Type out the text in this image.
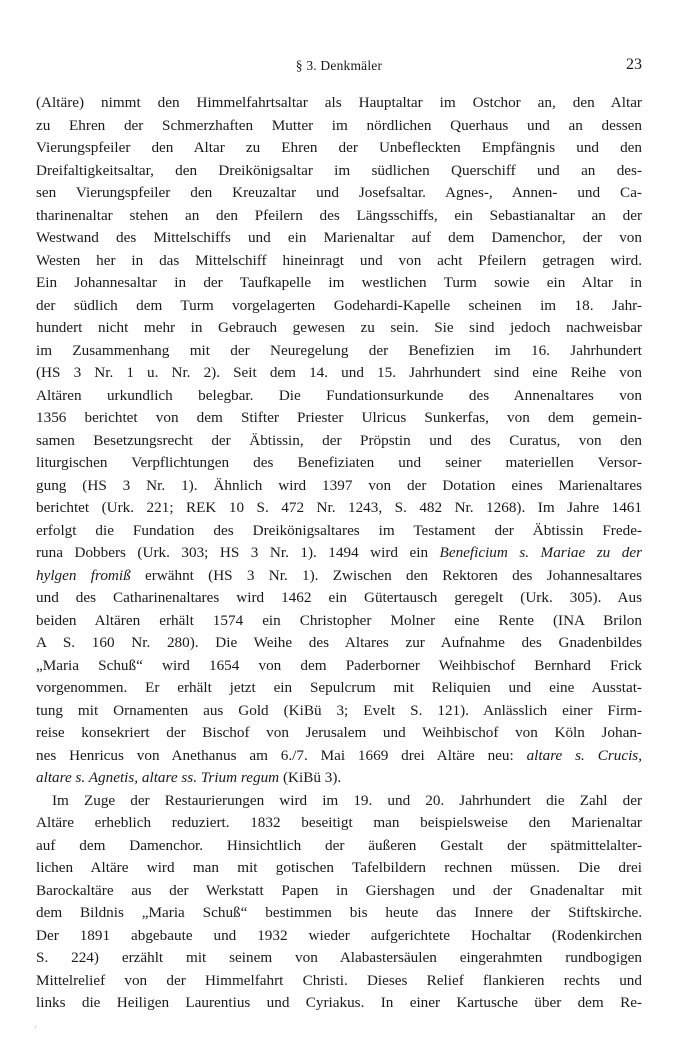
§ 3. Denkmäler	23
(Altäre) nimmt den Himmelfahrtsaltar als Hauptaltar im Ostchor an, den Altar
zu Ehren der Schmerzhaften Mutter im nördlichen Querhaus und an dessen
Vierungspfeiler den Altar zu Ehren der Unbefleckten Empfängnis und den
Dreifaltigkeitsaltar, den Dreikönigsaltar im südlichen Querschiff und an des-
sen Vierungspfeiler den Kreuzaltar und Josefsaltar. Agnes-, Annen- und Ca-
tharinenaltar stehen an den Pfeilern des Längsschiffs, ein Sebastianaltar an der
Westwand des Mittelschiffs und ein Marienaltar auf dem Damenchor, der von
Westen her in das Mittelschiff hineinragt und von acht Pfeilern getragen wird.
Ein Johannesaltar in der Taufkapelle im westlichen Turm sowie ein Altar in
der südlich dem Turm vorgelagerten Godehardi-Kapelle scheinen im 18. Jahr-
hundert nicht mehr in Gebrauch gewesen zu sein. Sie sind jedoch nachweisbar
im Zusammenhang mit der Neuregelung der Benefizien im 16. Jahrhundert
(HS 3 Nr. 1 u. Nr. 2). Seit dem 14. und 15. Jahrhundert sind eine Reihe von
Altären urkundlich belegbar. Die Fundationsurkunde des Annenaltares von
1356 berichtet von dem Stifter Priester Ulricus Sunkerfas, von dem gemein-
samen Besetzungsrecht der Äbtissin, der Pröpstin und des Curatus, von den
liturgischen Verpflichtungen des Benefiziaten und seiner materiellen Versor-
gung (HS 3 Nr. 1). Ähnlich wird 1397 von der Dotation eines Marienaltares
berichtet (Urk. 221; REK 10 S. 472 Nr. 1243, S. 482 Nr. 1268). Im Jahre 1461
erfolgt die Fundation des Dreikönigsaltares im Testament der Äbtissin Frede-
runa Dobbers (Urk. 303; HS 3 Nr. 1). 1494 wird ein Beneficium s. Mariae zu der
hylgen fromiß erwähnt (HS 3 Nr. 1). Zwischen den Rektoren des Johannesaltares
und des Catharinenaltares wird 1462 ein Gütertausch geregelt (Urk. 305). Aus
beiden Altären erhält 1574 ein Christopher Molner eine Rente (INA Brilon
A S. 160 Nr. 280). Die Weihe des Altares zur Aufnahme des Gnadenbildes
„Maria Schuß“ wird 1654 von dem Paderborner Weihbischof Bernhard Frick
vorgenommen. Er erhält jetzt ein Sepulcrum mit Reliquien und eine Ausstat-
tung mit Ornamenten aus Gold (KiBü 3; Evelt S. 121). Anlässlich einer Firm-
reise konsekriert der Bischof von Jerusalem und Weihbischof von Köln Johan-
nes Henricus von Anethanus am 6./7. Mai 1669 drei Altäre neu: altare s. Crucis,
altare s. Agnetis, altare ss. Trium regum (KiBü 3).
Im Zuge der Restaurierungen wird im 19. und 20. Jahrhundert die Zahl der
Altäre erheblich reduziert. 1832 beseitigt man beispielsweise den Marienaltar
auf dem Damenchor. Hinsichtlich der äußeren Gestalt der spätmittelalter-
lichen Altäre wird man mit gotischen Tafelbildern rechnen müssen. Die drei
Barockaltäre aus der Werkstatt Papen in Giershagen und der Gnadenaltar mit
dem Bildnis „Maria Schuß“ bestimmen bis heute das Innere der Stiftskirche.
Der 1891 abgebaute und 1932 wieder aufgerichtete Hochaltar (Rodenkirchen
S. 224) erzählt mit seinem von Alabastersäulen eingerahmten rundbogigen
Mittelrelief von der Himmelfahrt Christi. Dieses Relief flankieren rechts und
links die Heiligen Laurentius und Cyriakus. In einer Kartusche über dem Re-
·
